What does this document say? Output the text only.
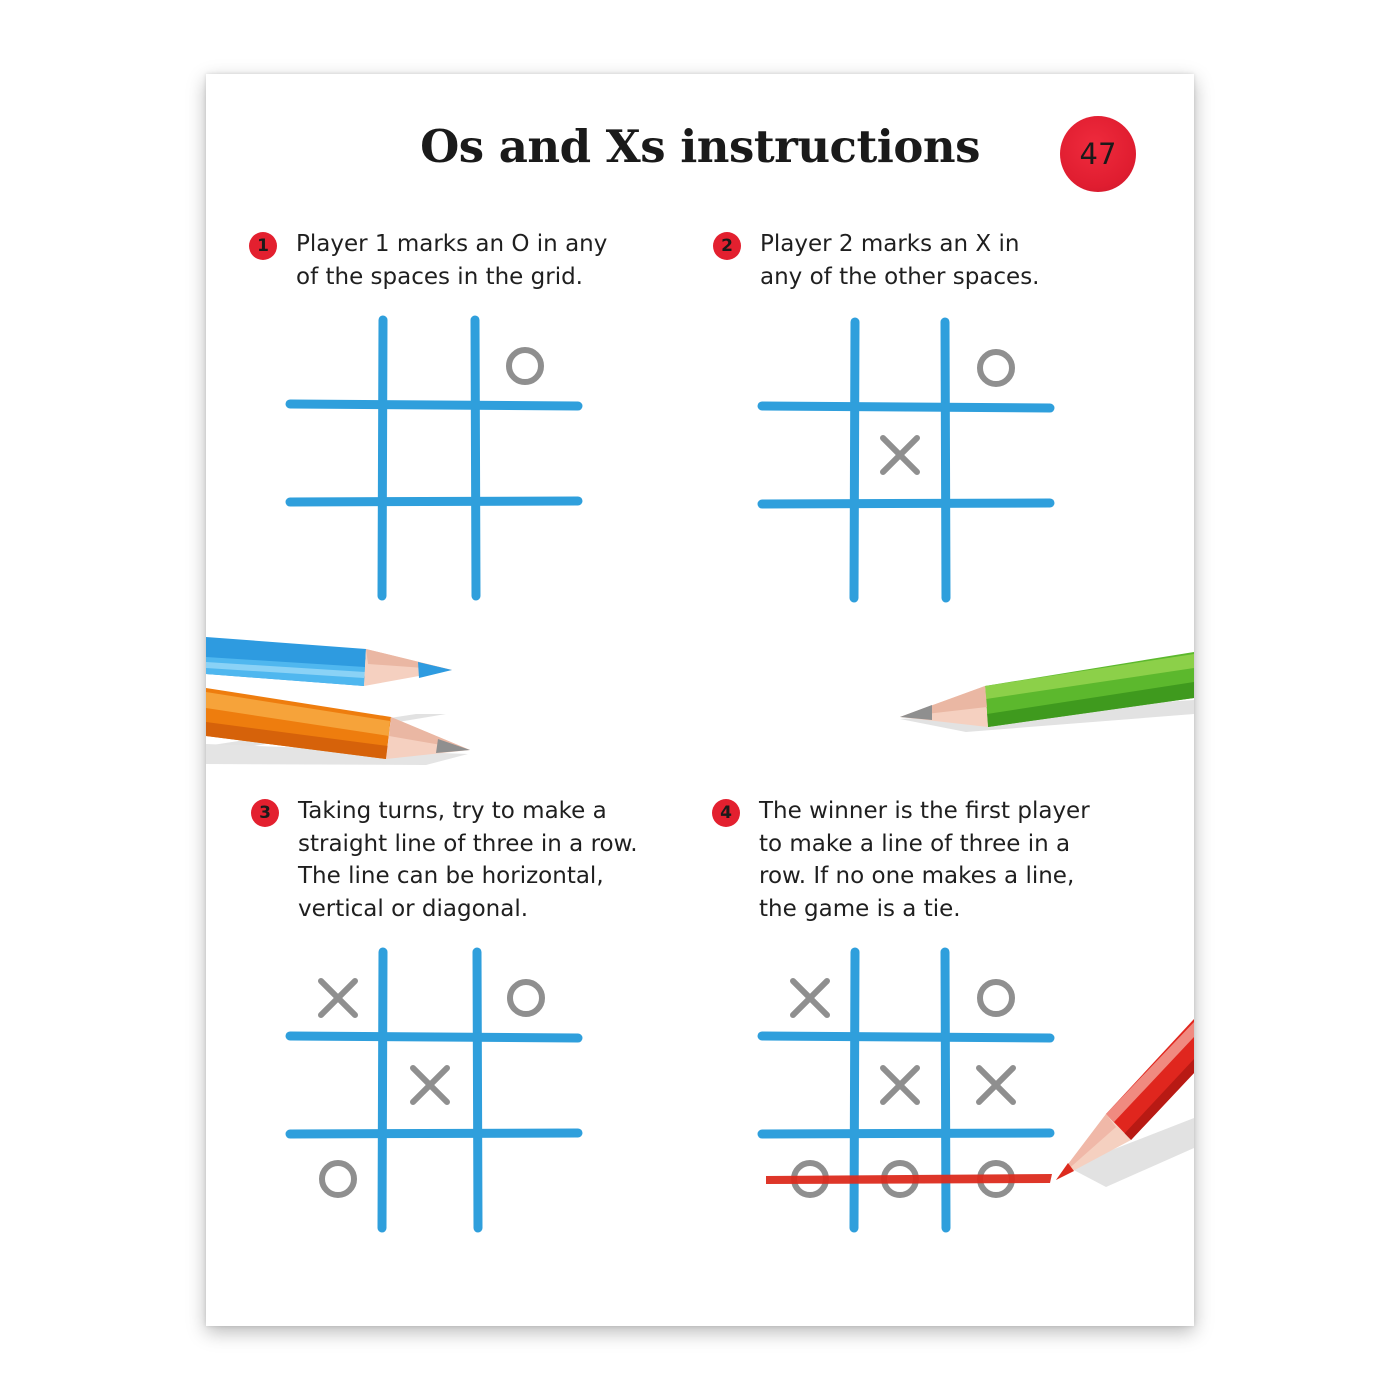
Os and Xs instructions	47
1	Player 1 marks an O in any
of the spaces in the grid.

2	Player 2 marks an X in
any of the other spaces.

3	Taking turns, try to make a
straight line of three in a row.
The line can be horizontal,
vertical or diagonal.

4	The winner is the first player
to make a line of three in a
row. If no one makes a line,
the game is a tie.
